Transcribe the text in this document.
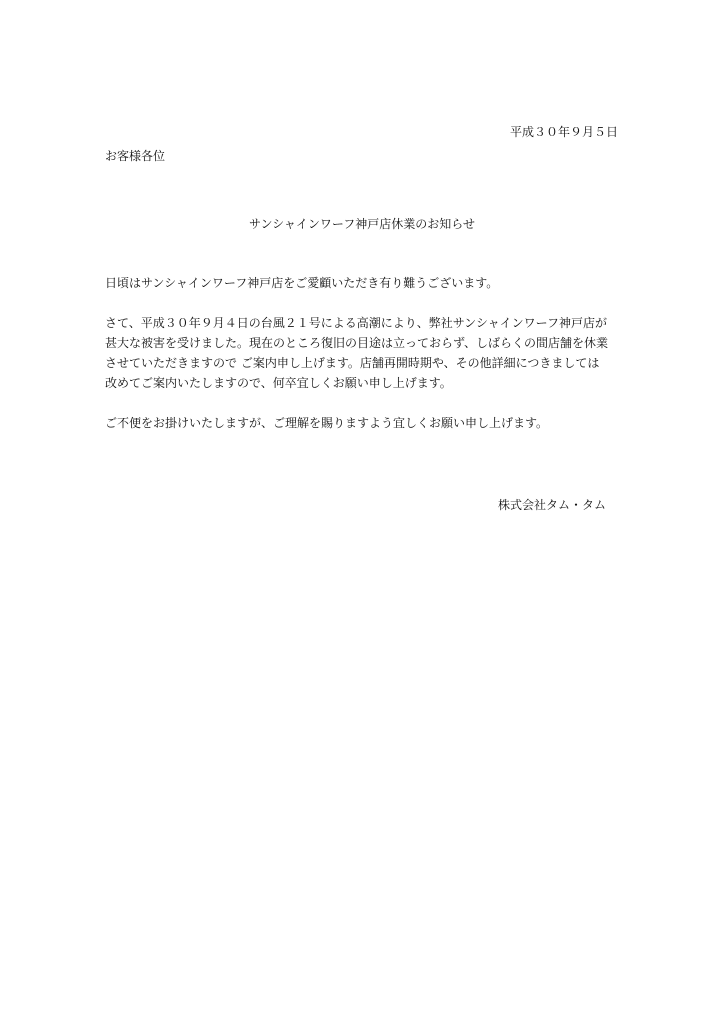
平成３０年９月５日
お客様各位
サンシャインワーフ神戸店休業のお知らせ

日頃はサンシャインワーフ神戸店をご愛顧いただき有り難うございます。

さて、平成３０年９月４日の台風２１号による高潮により、弊社サンシャインワーフ神戸店が

甚大な被害を受けました。現在のところ復旧の目途は立っておらず、しばらくの間店舗を休業

させていただきますので ご案内申し上げます。店舗再開時期や、その他詳細につきましては

改めてご案内いたしますので、何卒宜しくお願い申し上げます。

ご不便をお掛けいたしますが、ご理解を賜りますよう宜しくお願い申し上げます。

株式会社タム・タム
